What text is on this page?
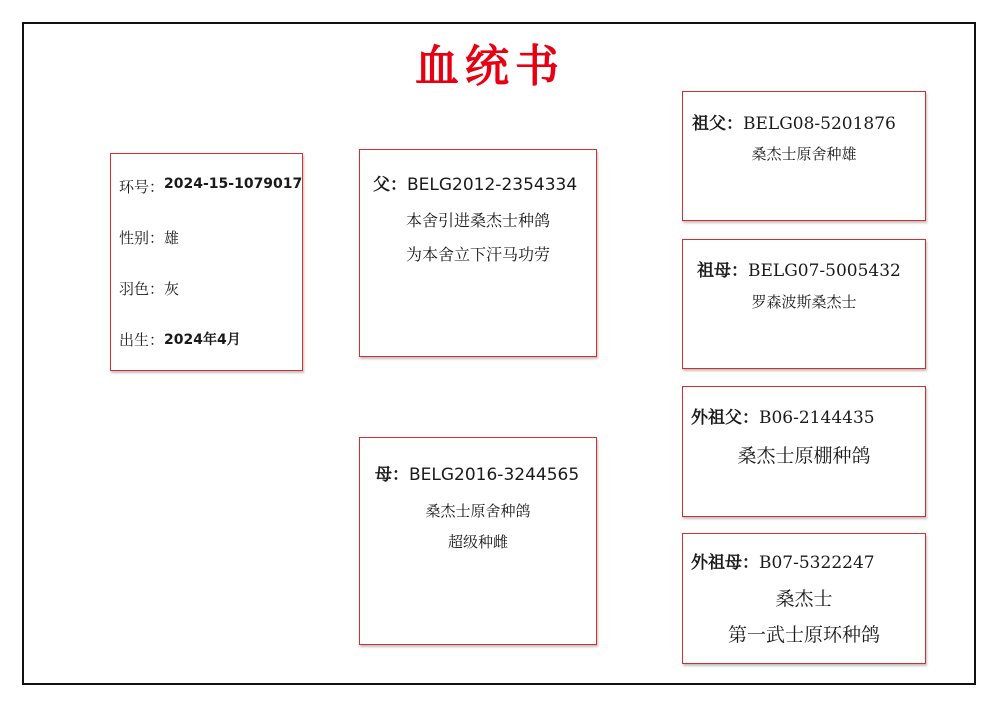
血统书
环号： 2024-15-1079017
性别： 雄
羽色： 灰
出生： 2024年4月
父：BELG2012-2354334
本舍引进桑杰士种鸽
为本舍立下汗马功劳
母：BELG2016-3244565
桑杰士原舍种鸽
超级种雌
祖父：BELG08-5201876
桑杰士原舍种雄
祖母：BELG07-5005432
罗森波斯桑杰士
外祖父：B06-2144435
桑杰士原棚种鸽
外祖母：B07-5322247
桑杰士
第一武士原环种鸽
